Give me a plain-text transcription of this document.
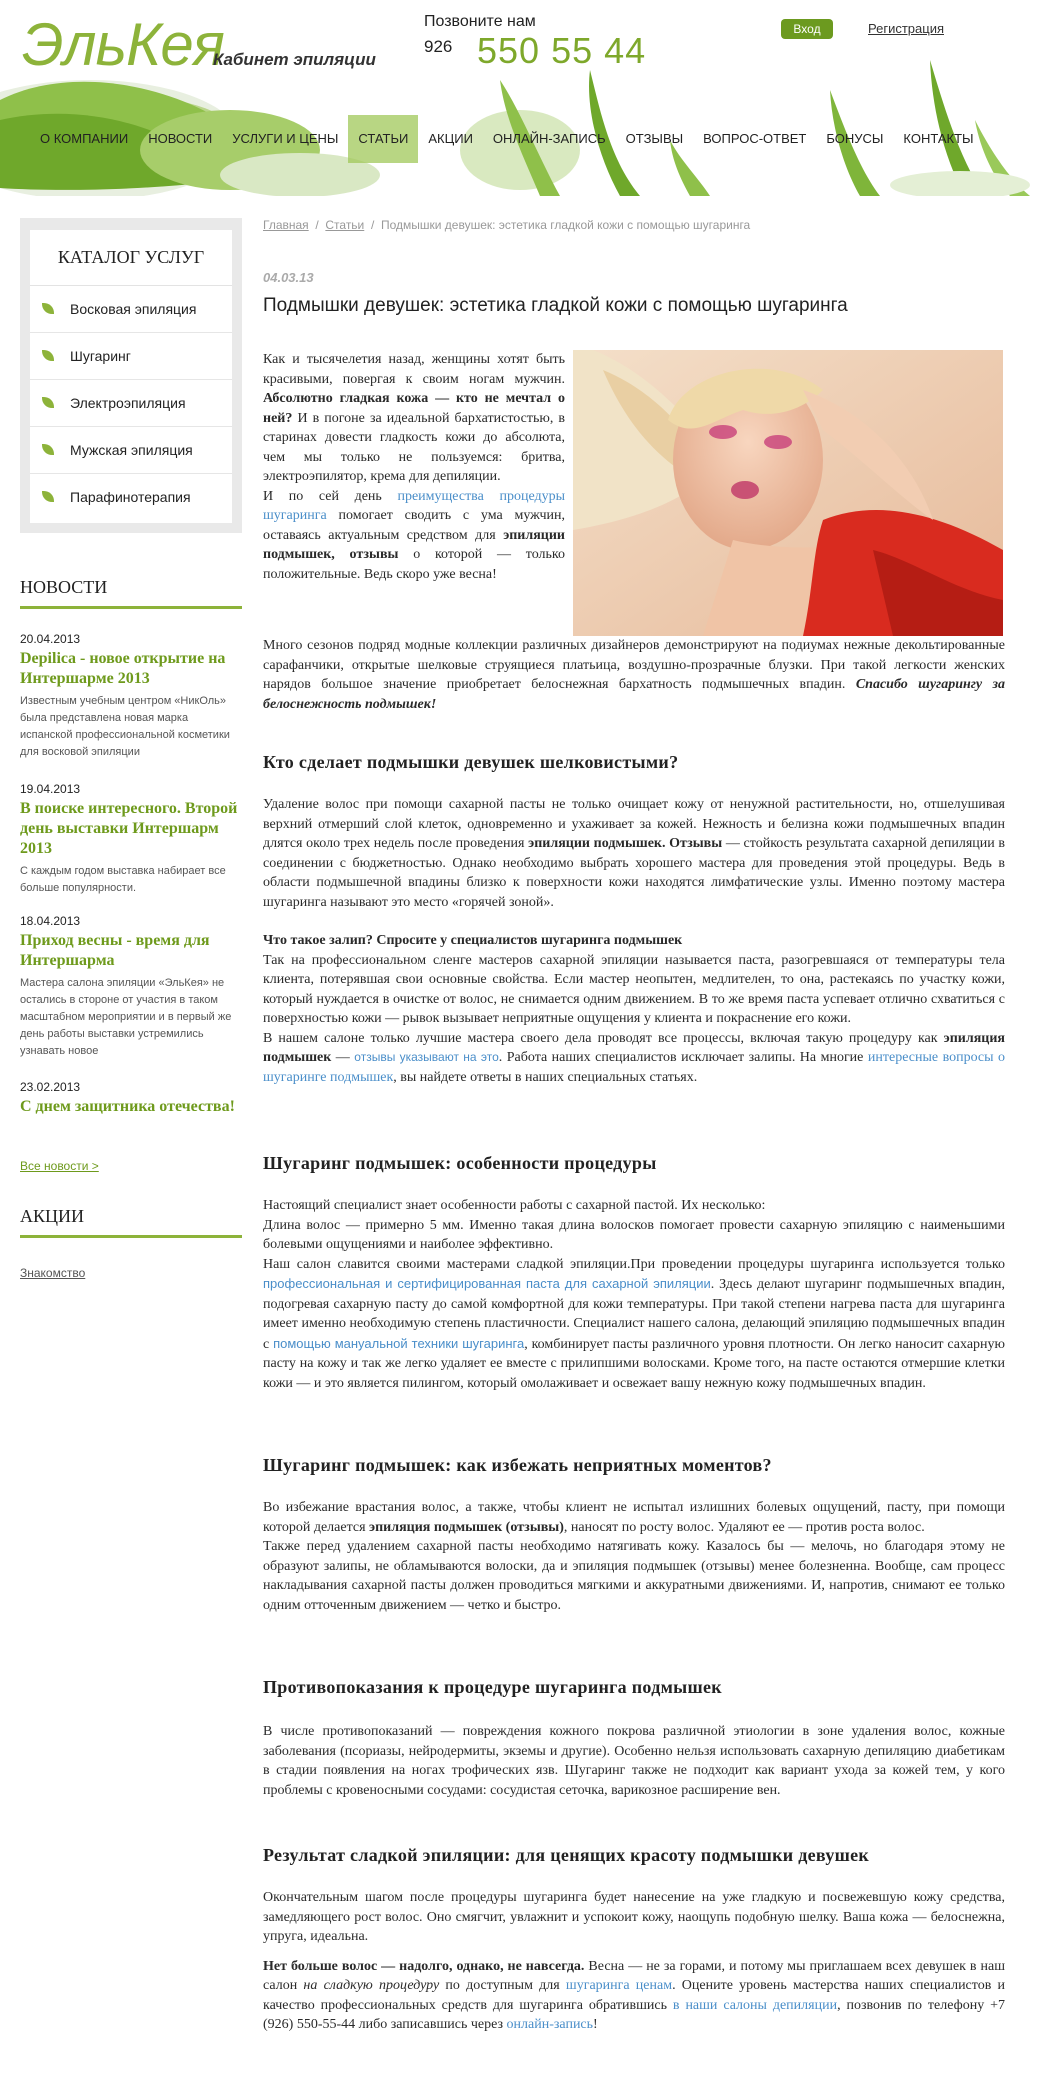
ЭльКея
Кабинет эпиляции
Позвоните нам
926 550 55 44
Вход	Регистрация
О КОМПАНИИ	НОВОСТИ	УСЛУГИ И ЦЕНЫ	СТАТЬИ	АКЦИИ	ОНЛАЙН-ЗАПИСЬ	ОТЗЫВЫ	ВОПРОС-ОТВЕТ	БОНУСЫ	КОНТАКТЫ
КАТАЛОГ УСЛУГ
Восковая эпиляция
Шугаринг
Электроэпиляция
Мужская эпиляция
Парафинотерапия
НОВОСТИ
20.04.2013
Depilica - новое открытие на Интершарме 2013
Известным учебным центром «НикОль» была представлена новая марка испанской профессиональной косметики для восковой эпиляции
19.04.2013
В поиске интересного. Второй день выставки Интершарм 2013
С каждым годом выставка набирает все больше популярности.
18.04.2013
Приход весны - время для Интершарма
Мастера салона эпиляции «ЭльКея» не остались в стороне от участия в таком масштабном мероприятии и в первый же день работы выставки устремились узнавать новое
23.02.2013
С днем защитника отечества!
Все новости >
АКЦИИ
Знакомство
Главная / Статьи / Подмышки девушек: эстетика гладкой кожи с помощью шугаринга
04.03.13
Подмышки девушек: эстетика гладкой кожи с помощью шугаринга

Как и тысячелетия назад, женщины хотят быть красивыми, повергая к своим ногам мужчин. Абсолютно гладкая кожа — кто не мечтал о ней? И в погоне за идеальной бархатистостью, в старинах довести гладкость кожи до абсолюта, чем мы только не пользуемся: бритва, электроэпилятор, крема для депиляции.

И по сей день преимущества процедуры шугаринга помогает сводить с ума мужчин, оставаясь актуальным средством для эпиляции подмышек, отзывы о которой — только положительные. Ведь скоро уже весна!

Много сезонов подряд модные коллекции различных дизайнеров демонстрируют на подиумах нежные декольтированные сарафанчики, открытые шелковые струящиеся платьица, воздушно-прозрачные блузки. При такой легкости женских нарядов большое значение приобретает белоснежная бархатность подмышечных впадин. Спасибо шугарингу за белоснежность подмышек!

Кто сделает подмышки девушек шелковистыми?

Удаление волос при помощи сахарной пасты не только очищает кожу от ненужной растительности, но, отшелушивая верхний отмерший слой клеток, одновременно и ухаживает за кожей. Нежность и белизна кожи подмышечных впадин длятся около трех недель после проведения эпиляции подмышек. Отзывы — стойкость результата сахарной депиляции в соединении с бюджетностью. Однако необходимо выбрать хорошего мастера для проведения этой процедуры. Ведь в области подмышечной впадины близко к поверхности кожи находятся лимфатические узлы. Именно поэтому мастера шугаринга называют это место «горячей зоной».

Что такое залип? Спросите у специалистов шугаринга подмышек

Так на профессиональном сленге мастеров сахарной эпиляции называется паста, разогревшаяся от температуры тела клиента, потерявшая свои основные свойства. Если мастер неопытен, медлителен, то она, растекаясь по участку кожи, который нуждается в очистке от волос, не снимается одним движением. В то же время паста успевает отлично схватиться с поверхностью кожи — рывок вызывает неприятные ощущения у клиента и покраснение его кожи.

В нашем салоне только лучшие мастера своего дела проводят все процессы, включая такую процедуру как эпиляция подмышек — отзывы указывают на это. Работа наших специалистов исключает залипы. На многие интересные вопросы о шугаринге подмышек, вы найдете ответы в наших специальных статьях.

Шугаринг подмышек: особенности процедуры

Настоящий специалист знает особенности работы с сахарной пастой. Их несколько:

Длина волос — примерно 5 мм. Именно такая длина волосков помогает провести сахарную эпиляцию с наименьшими болевыми ощущениями и наиболее эффективно.

Наш салон славится своими мастерами сладкой эпиляции.При проведении процедуры шугаринга используется только профессиональная и сертифицированная паста для сахарной эпиляции. Здесь делают шугаринг подмышечных впадин, подогревая сахарную пасту до самой комфортной для кожи температуры. При такой степени нагрева паста для шугаринга имеет именно необходимую степень пластичности. Специалист нашего салона, делающий эпиляцию подмышечных впадин с помощью мануальной техники шугаринга, комбинирует пасты различного уровня плотности. Он легко наносит сахарную пасту на кожу и так же легко удаляет ее вместе с прилипшими волосками. Кроме того, на пасте остаются отмершие клетки кожи — и это является пилингом, который омолаживает и освежает вашу нежную кожу подмышечных впадин.

Шугаринг подмышек: как избежать неприятных моментов?

Во избежание врастания волос, а также, чтобы клиент не испытал излишних болевых ощущений, пасту, при помощи которой делается эпиляция подмышек (отзывы), наносят по росту волос. Удаляют ее — против роста волос.

Также перед удалением сахарной пасты необходимо натягивать кожу. Казалось бы — мелочь, но благодаря этому не образуют залипы, не обламываются волоски, да и эпиляция подмышек (отзывы) менее болезненна. Вообще, сам процесс накладывания сахарной пасты должен проводиться мягкими и аккуратными движениями. И, напротив, снимают ее только одним отточенным движением — четко и быстро.

Противопоказания к процедуре шугаринга подмышек

В числе противопоказаний — повреждения кожного покрова различной этиологии в зоне удаления волос, кожные заболевания (псориазы, нейродермиты, экземы и другие). Особенно нельзя использовать сахарную депиляцию диабетикам в стадии появления на ногах трофических язв. Шугаринг также не подходит как вариант ухода за кожей тем, у кого проблемы с кровеносными сосудами: сосудистая сеточка, варикозное расширение вен.

Результат сладкой эпиляции: для ценящих красоту подмышки девушек

Окончательным шагом после процедуры шугаринга будет нанесение на уже гладкую и посвежевшую кожу средства, замедляющего рост волос. Оно смягчит, увлажнит и успокоит кожу, наощупь подобную шелку. Ваша кожа — белоснежна, упруга, идеальна.

Нет больше волос — надолго, однако, не навсегда. Весна — не за горами, и потому мы приглашаем всех девушек в наш салон на сладкую процедуру по доступным для шугаринга ценам. Оцените уровень мастерства наших специалистов и качество профессиональных средств для шугаринга обратившись в наши салоны депиляции, позвонив по телефону +7 (926) 550-55-44 либо записавшись через онлайн-запись!
